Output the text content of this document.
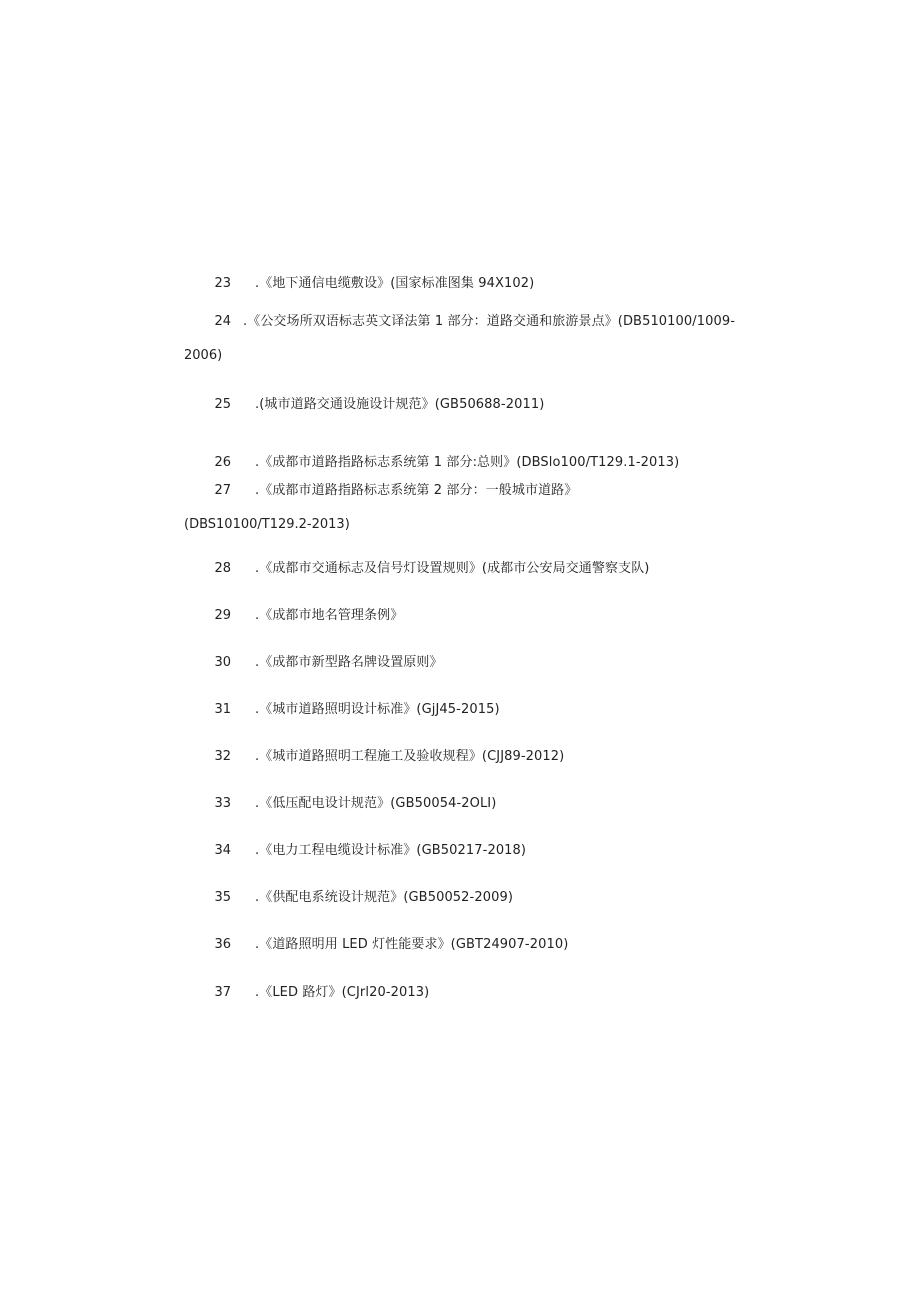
23 .《地下通信电缆敷设》(国家标准图集 94X102)
24 .《公交场所双语标志英文译法第 1 部分：道路交通和旅游景点》(DB510100/1009-
2006)
25 .(城市道路交通设施设计规范》(GB50688-2011)
26 .《成都市道路指路标志系统第 1 部分:总则》(DBSlo100/T129.1-2013)
27 .《成都市道路指路标志系统第 2 部分：一般城市道路》
(DBS10100/T129.2-2013)
28 .《成都市交通标志及信号灯设置规则》(成都市公安局交通警察支队)
29 .《成都市地名管理条例》
30 .《成都市新型路名牌设置原则》
31 .《城市道路照明设计标准》(GjJ45-2015)
32 .《城市道路照明工程施工及验收规程》(CJJ89-2012)
33 .《低压配电设计规范》(GB50054-2OLI)
34 .《电力工程电缆设计标准》(GB50217-2018)
35 .《供配电系统设计规范》(GB50052-2009)
36 .《道路照明用 LED 灯性能要求》(GBT24907-2010)
37 .《LED 路灯》(CJrl20-2013)
